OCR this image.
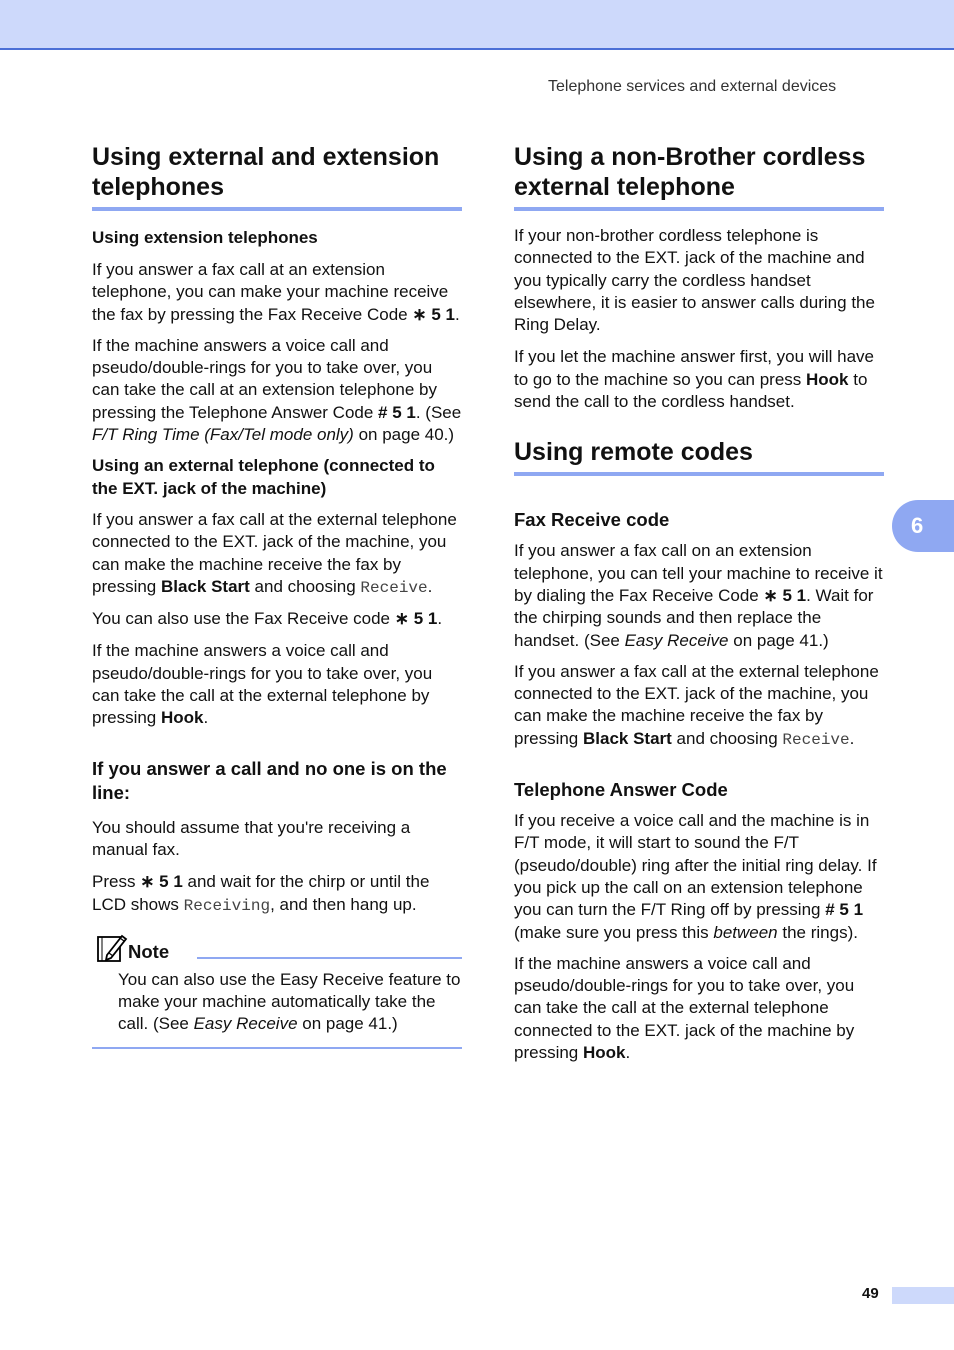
Telephone services and external devices
Using external and extension telephones
Using extension telephones

If you answer a fax call at an extension telephone, you can make your machine receive the fax by pressing the Fax Receive Code ∗ 5 1.

If the machine answers a voice call and pseudo/double-rings for you to take over, you can take the call at an extension telephone by pressing the Telephone Answer Code # 5 1. (See F/T Ring Time (Fax/Tel mode only) on page 40.)

Using an external telephone (connected to the EXT. jack of the machine)

If you answer a fax call at the external telephone connected to the EXT. jack of the machine, you can make the machine receive the fax by pressing Black Start and choosing Receive.

You can also use the Fax Receive code ∗ 5 1.

If the machine answers a voice call and pseudo/double-rings for you to take over, you can take the call at the external telephone by pressing Hook.

If you answer a call and no one is on the line:

You should assume that you're receiving a manual fax.

Press ∗ 5 1 and wait for the chirp or until the LCD shows Receiving, and then hang up.

Note

You can also use the Easy Receive feature to make your machine automatically take the call. (See Easy Receive on page 41.)

Using a non-Brother cordless external telephone

If your non-brother cordless telephone is connected to the EXT. jack of the machine and you typically carry the cordless handset elsewhere, it is easier to answer calls during the Ring Delay.

If you let the machine answer first, you will have to go to the machine so you can press Hook to send the call to the cordless handset.

Using remote codes
Fax Receive code

If you answer a fax call on an extension telephone, you can tell your machine to receive it by dialing the Fax Receive Code ∗ 5 1. Wait for the chirping sounds and then replace the handset. (See Easy Receive on page 41.)

If you answer a fax call at the external telephone connected to the EXT. jack of the machine, you can make the machine receive the fax by pressing Black Start and choosing Receive.

Telephone Answer Code

If you receive a voice call and the machine is in F/T mode, it will start to sound the F/T (pseudo/double) ring after the initial ring delay. If you pick up the call on an extension telephone you can turn the F/T Ring off by pressing # 5 1 (make sure you press this between the rings).

If the machine answers a voice call and pseudo/double-rings for you to take over, you can take the call at the external telephone connected to the EXT. jack of the machine by pressing Hook.

6
49
